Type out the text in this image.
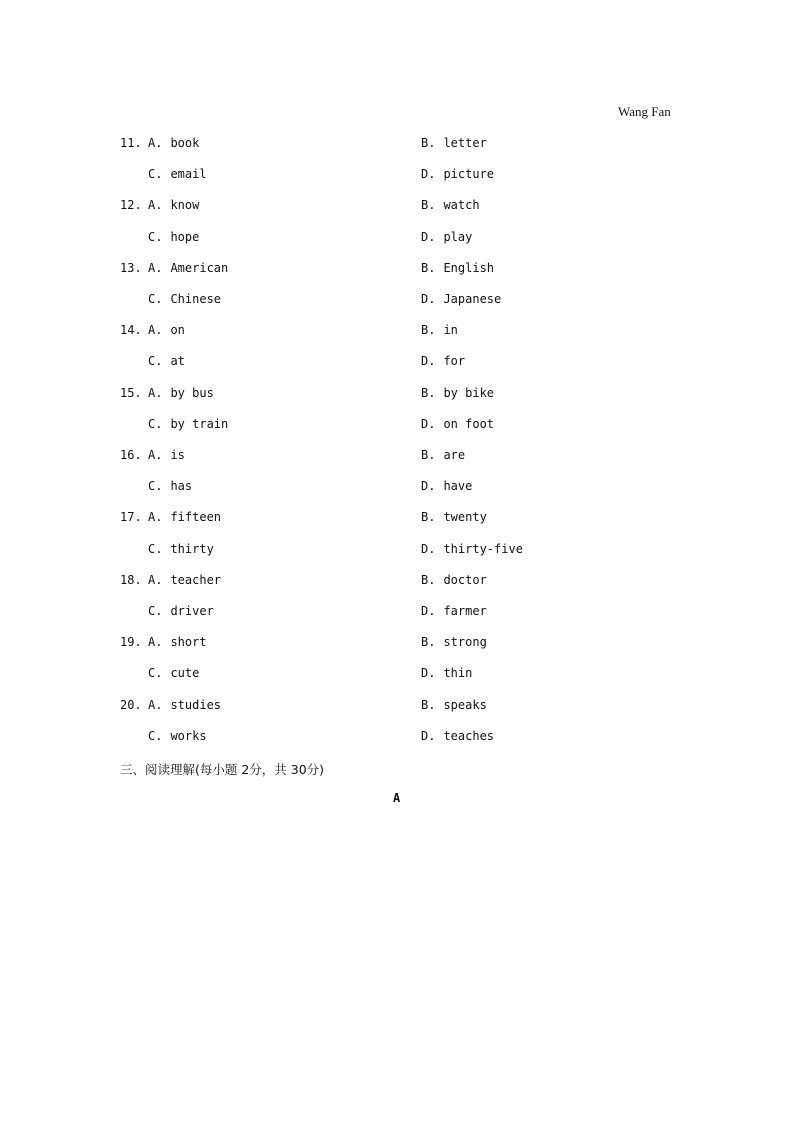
Wang Fan
11. A. book	B. letter
C. email	D. picture
12. A. know	B. watch
C. hope	D. play
13. A. American	B. English
C. Chinese	D. Japanese
14. A. on	B. in
C. at	D. for
15. A. by bus	B. by bike
C. by train	D. on foot
16. A. is	B. are
C. has	D. have
17. A. fifteen	B. twenty
C. thirty	D. thirty-five
18. A. teacher	B. doctor
C. driver	D. farmer
19. A. short	B. strong
C. cute	D. thin
20. A. studies	B. speaks
C. works	D. teaches
三、阅读理解(每小题 2分，共 30分)
A
